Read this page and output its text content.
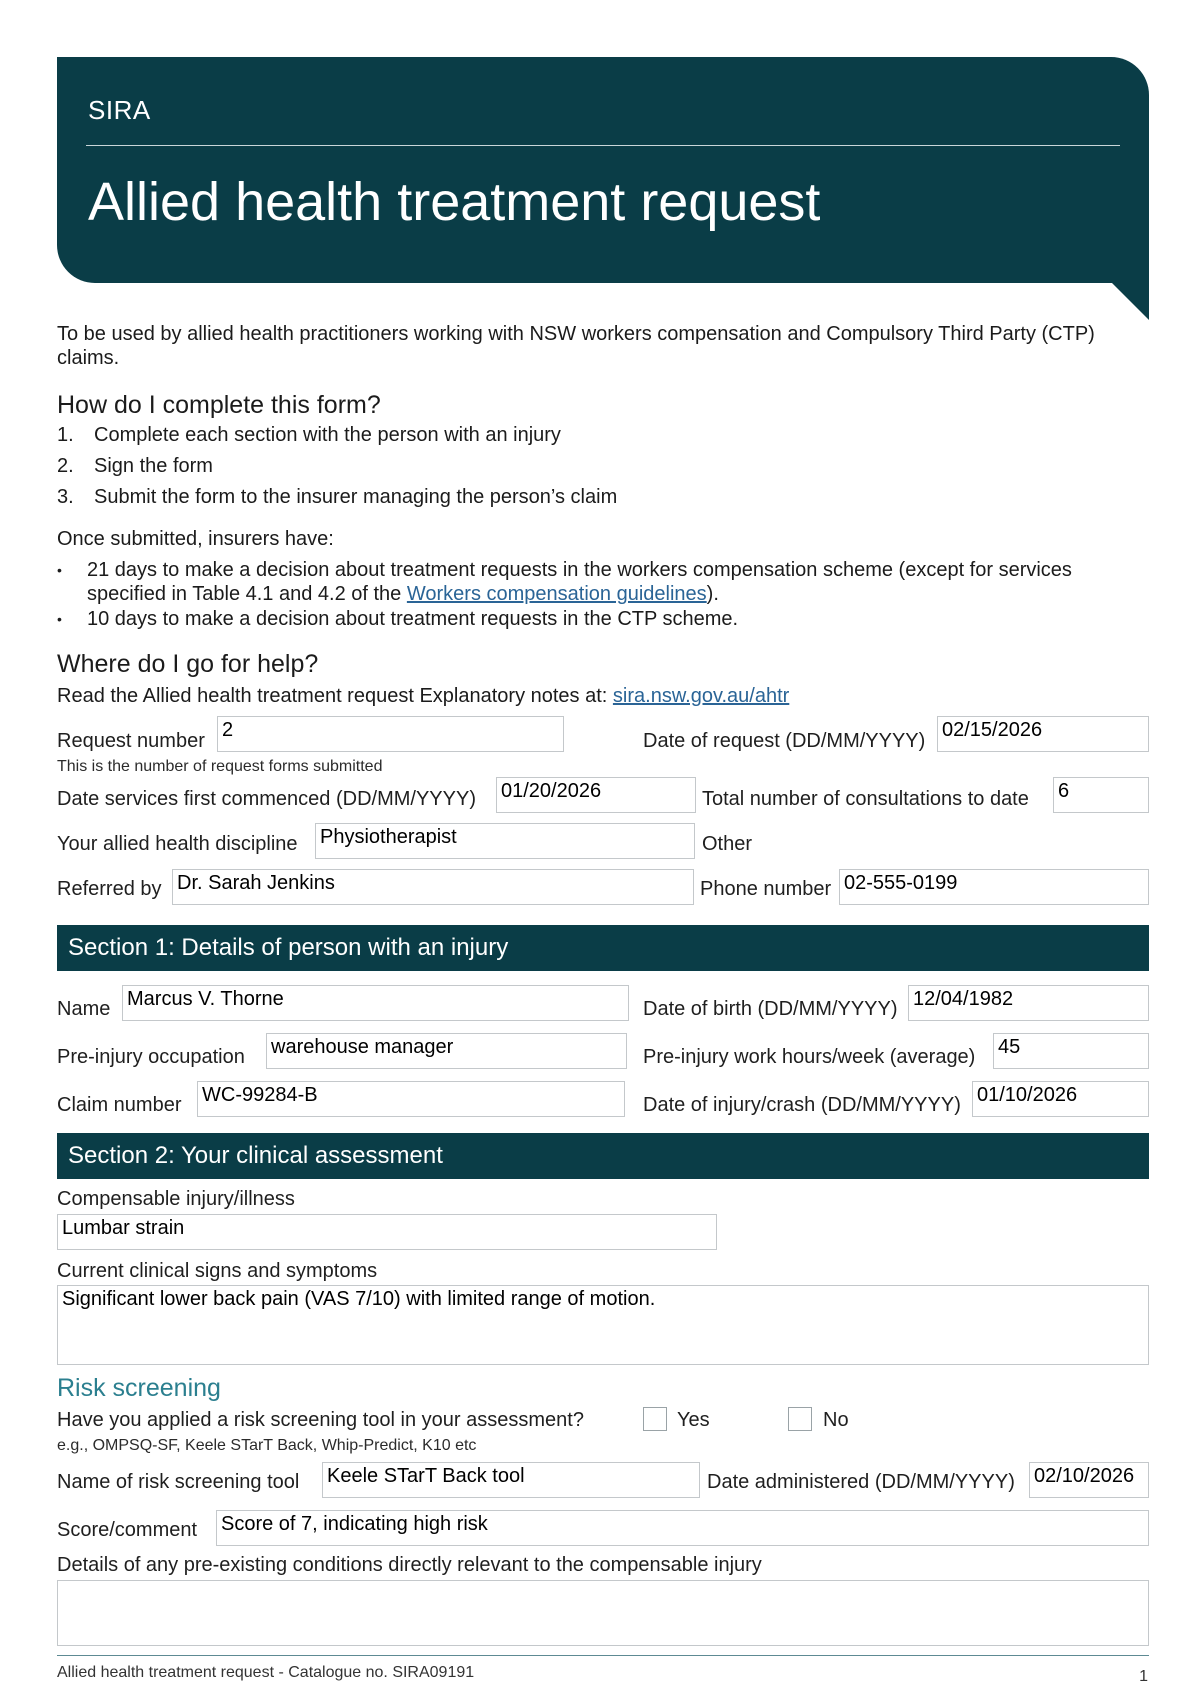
SIRA
Allied health treatment request
To be used by allied health practitioners working with NSW workers compensation and Compulsory Third Party (CTP) claims.
How do I complete this form?
1. Complete each section with the person with an injury
2. Sign the form
3. Submit the form to the insurer managing the person’s claim
Once submitted, insurers have:
• 21 days to make a decision about treatment requests in the workers compensation scheme (except for services specified in Table 4.1 and 4.2 of the Workers compensation guidelines).
• 10 days to make a decision about treatment requests in the CTP scheme.
Where do I go for help?
Read the Allied health treatment request Explanatory notes at: sira.nsw.gov.au/ahtr
Request number 2	Date of request (DD/MM/YYYY) 02/15/2026
This is the number of request forms submitted
Date services first commenced (DD/MM/YYYY) 01/20/2026	Total number of consultations to date 6
Your allied health discipline Physiotherapist	Other
Referred by Dr. Sarah Jenkins	Phone number 02-555-0199
Section 1: Details of person with an injury
Name Marcus V. Thorne	Date of birth (DD/MM/YYYY) 12/04/1982
Pre-injury occupation warehouse manager	Pre-injury work hours/week (average) 45
Claim number WC-99284-B	Date of injury/crash (DD/MM/YYYY) 01/10/2026
Section 2: Your clinical assessment
Compensable injury/illness
Lumbar strain
Current clinical signs and symptoms
Significant lower back pain (VAS 7/10) with limited range of motion.
Risk screening
Have you applied a risk screening tool in your assessment?	Yes	No
e.g., OMPSQ-SF, Keele STarT Back, Whip-Predict, K10 etc
Name of risk screening tool Keele STarT Back tool	Date administered (DD/MM/YYYY) 02/10/2026
Score/comment Score of 7, indicating high risk
Details of any pre-existing conditions directly relevant to the compensable injury
Allied health treatment request - Catalogue no. SIRA09191	1
